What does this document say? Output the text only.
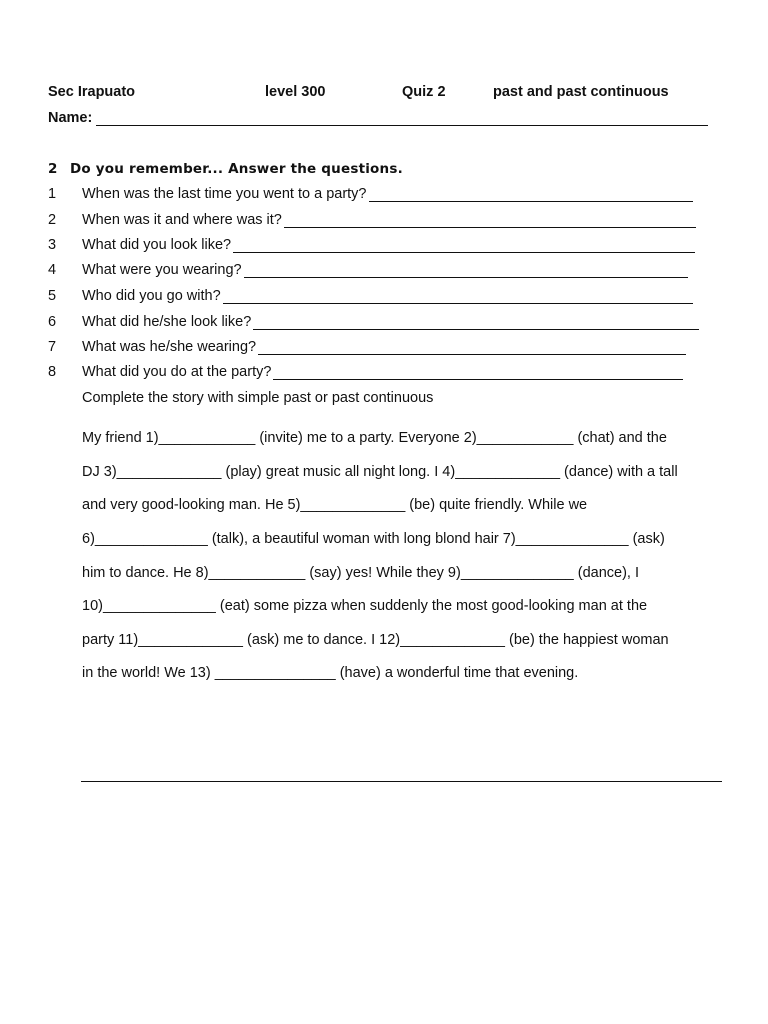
Sec Irapuato	level 300	Quiz 2	past and past continuous
Name:
2 Do you remember... Answer the questions.
1	When was the last time you went to a party?
2	When was it and where was it?
3	What did you look like?
4	What were you wearing?
5	Who did you go with?
6	What did he/she look like?
7	What was he/she wearing?
8	What did you do at the party?
Complete the story with simple past or past continuous
My friend 1)____________ (invite) me to a party. Everyone 2)____________ (chat) and the
DJ 3)_____________ (play) great music all night long. I 4)_____________ (dance) with a tall
and very good-looking man. He 5)_____________ (be) quite friendly. While we
6)______________ (talk), a beautiful woman with long blond hair 7)______________ (ask)
him to dance. He 8)____________ (say) yes! While they 9)______________ (dance), I
10)______________ (eat) some pizza when suddenly the most good-looking man at the
party 11)_____________ (ask) me to dance. I 12)_____________ (be) the happiest woman
in the world! We 13) _______________ (have) a wonderful time that evening.
